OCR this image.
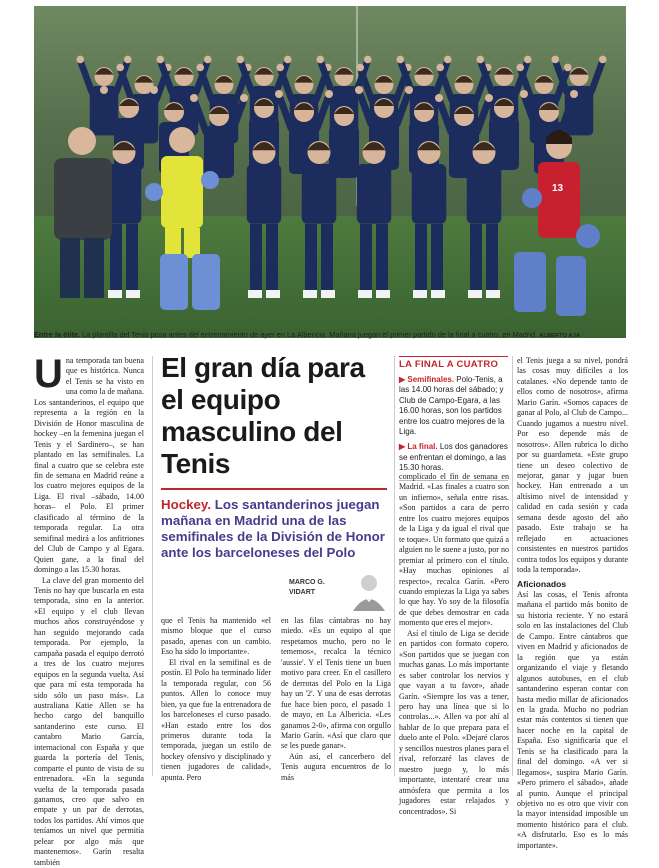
13
Entre la élite. La plantilla del Tenis posa antes del entrenamiento de ayer en La Albericia. Mañana juegan el primer partido de la final a cuatro, en Madrid. ALBERTO AJA
U na temporada tan buena que es histórica. Nunca el Tenis se ha visto en una como la de mañana. Los santanderinos, el equipo que representa a la región en la División de Honor masculina de hockey –en la femenina juegan el Tenis y el Sardinero–, se han plantado en las semifinales. La final a cuatro que se celebra este fin de semana en Madrid reúne a los cuatro mejores equipos de la Liga. El rival –sábado, 14.00 horas– el Polo. El primer clasificado al término de la temporada regular. La otra semifinal medirá a los anfitriones del Club de Campo y al Egara. Quien gane, a la final del domingo a las 15.30 horas.

La clave del gran momento del Tenis no hay que buscarla en esta temporada, sino en la anterior. «El equipo y el club llevan muchos años construyéndose y han seguido mejorando cada temporada. Por ejemplo, la campaña pasada el equipo derrotó a tres de los cuatro mejores equipos en la segunda vuelta. Así que para mí esta temporada ha sido sólo un paso más». La australiana Katie Allen se ha hecho cargo del banquillo santanderino este curso. El cantabro Mario García, internacional con España y que guarda la portería del Tenis, comparte el punto de vista de su entrenadora. «En la segunda vuelta de la temporada pasada ganamos, creo que salvo en empate y un par de derrotas, todos los partidos. Ahí vimos que teníamos un nivel que permitía pelear por algo más que mantenernos». Garín resalta también

El gran día para el equipo masculino del Tenis
Hockey. Los santanderinos juegan mañana en Madrid una de las semifinales de la División de Honor ante los barceloneses del Polo
MARCO G. VIDART

que el Tenis ha mantenido «el mismo bloque que el curso pasado, apenas con un cambio. Eso ha sido lo importante».

El rival en la semifinal es de postín. El Polo ha terminado líder la temporada regular, con 56 puntos. Allen lo conoce muy bien, ya que fue la entrenadora de los barceloneses el curso pasado. «Han estado entre los dos primeros durante toda la temporada, juegan un estilo de hockey ofensivo y disciplinado y tienen jugadores de calidad», apunta. Pero

en las filas cántabras no hay miedo. «Es un equipo al que respetamos mucho, pero no le tememos», recalca la técnico 'aussie'. Y el Tenis tiene un buen motivo para creer. En el casillero de derrotas del Polo en la Liga hay un '2'. Y una de esas derrotas fue hace bien poco, el pasado 1 de mayo, en La Albericia. «Les ganamos 2-0», afirma con orgullo Mario Garín. «Así que claro que se les puede ganar».

Aún así, el cancerbero del Tenis augura encuentros de lo más

LA FINAL A CUATRO
▶ Semifinales. Polo-Tenis, a las 14.00 horas del sábado; y Club de Campo-Egara, a las 16.00 horas, son los partidos entre los cuatro mejores de la Liga.
▶ La final. Los dos ganadores se enfrentan el domingo, a las 15.30 horas.

complicado el fin de semana en Madrid. «Las finales a cuatro son un infierno», señala entre risas. «Son partidos a cara de perro entre los cuatro mejores equipos de la Liga y da igual el rival que te toque». Un formato que quizá a alguien no le suene a justo, por no premiar al primero con el título. «Hay muchas opiniones al respecto», recalca Garín. «Pero cuando empiezas la Liga ya sabes lo que hay. Yo soy de la filosofía de que debes demostrar en cada momento que eres el mejor».

Así el título de Liga se decide en partidos con formato copero. «Son partidos que se juegan con muchas ganas. Lo más importante es saber controlar los nervios y que vayan a tu favor», añade Garín. «Siempre los vas a tener, pero hay una línea que si lo controlas...». Allen va por ahí al hablar de lo que prepara para el duelo ante el Polo. «Dejaré claros y sencillos nuestros planes para el rival, reforzaré las claves de nuestro juego y, lo más importante, intentaré crear una atmósfera que permita a los jugadores estar relajados y concentrados». Si

el Tenis juega a su nivel, pondrá las cosas muy difíciles a los catalanes. «No depende tanto de ellos como de nosotros», afirma Mario Garín. «Somos capaces de ganar al Polo, al Club de Campo... Cuando jugamos a nuestro nivel. Por eso depende más de nosotros». Allen rubrica lo dicho por su guardameta. «Este grupo tiene un deseo colectivo de mejorar, ganar y jugar buen hockey. Han entrenado a un altísimo nivel de intensidad y calidad en cada sesión y cada semana desde agosto del año pasado. Este trabajo se ha reflejado en actuaciones consistentes en nuestros partidos contra todos los equipos y durante toda la temporada».

Aficionados

Así las cosas, el Tenis afronta mañana el partido más bonito de su historia reciente. Y no estará solo en las instalaciones del Club de Campo. Entre cántabros que viven en Madrid y aficionados de la región que ya están organizando el viaje y fletando algunos autobuses, en el club santanderino esperan contar con hasta medio millar de aficionados en la grada. Mucho no podrían estar más contentos si tienen que hacer noche en la capital de España. Eso significaría que el Tenis se ha clasificado para la final del domingo. «A ver si llegamos», suspira Mario Garín. «Pero primero el sábado», añade al punto. Aunque el principal objetivo no es otro que vivir con la mayor intensidad imposible un momento histórico para el club. «A disfrutarlo. Eso es lo más importante».
